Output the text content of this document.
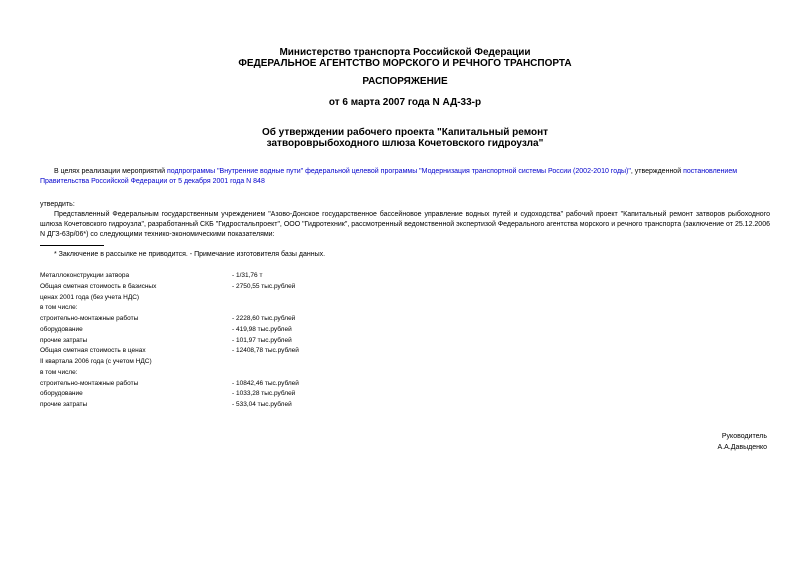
Министерство транспорта Российской Федерации
ФЕДЕРАЛЬНОЕ АГЕНТСТВО МОРСКОГО И РЕЧНОГО ТРАНСПОРТА
РАСПОРЯЖЕНИЕ
от 6 марта 2007 года N АД-33-р
Об утверждении рабочего проекта "Капитальный ремонт
затвороврыбоходного шлюза Кочетовского гидроузла"
В целях реализации мероприятий подпрограммы "Внутренние водные пути" федеральной целевой программы "Модернизация транспортной системы России (2002-2010 годы)", утвержденной постановлением Правительства Российской Федерации от 5 декабря 2001 года N 848
утвердить:
Представленный Федеральным государственным учреждением "Азово-Донское государственное бассейновое управление водных путей и судоходства" рабочий проект "Капитальный ремонт затворов рыбоходного шлюза Кочетовского гидроузла", разработанный СКБ "Гидростальпроект", ООО "Гидротехник", рассмотренный ведомственной экспертизой Федерального агентства морского и речного транспорта (заключение от 25.12.2006 N ДГЗ-63р/06*) со следующими технико-экономическими показателями:
* Заключение в рассылке не приводится. - Примечание изготовителя базы данных.
Металлоконструкции затвора	- 1/31,76 т
Общая сметная стоимость в базисных	- 2750,55 тыс.рублей
ценах 2001 года (без учета НДС)
в том числе:
строительно-монтажные работы	- 2228,60 тыс.рублей
оборудование	- 419,98 тыс.рублей
прочие затраты	- 101,97 тыс.рублей
Общая сметная стоимость в ценах	- 12408,78 тыс.рублей
II квартала 2006 года (с учетом НДС)
в том числе:
строительно-монтажные работы	- 10842,46 тыс.рублей
оборудование	- 1033,28 тыс.рублей
прочие затраты	- 533,04 тыс.рублей
Руководитель
А.А.Давыденко
